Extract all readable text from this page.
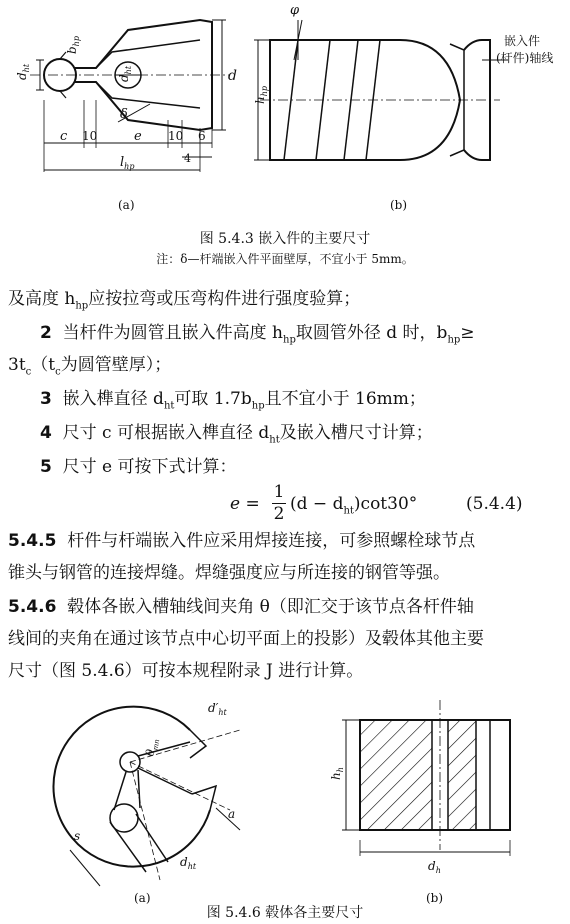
$d_{ht}$
$b_{hp}$
$d_{ht}$	d
δ
c 10	e 10 6
4
$l_{hp}$
(a)
φ
$h_{hp}$
嵌入件
(杆件)轴线
(b)
图 5.4.3 嵌入件的主要尺寸
注：δ—杆端嵌入件平面壁厚，不宜小于 5mm。
及高度 $h_{hp}$应按拉弯或压弯构件进行强度验算；
2 当杆件为圆管且嵌入件高度 $h_{hp}$取圆管外径 d 时，$b_{hp}\ge$
$3t_c(t_c$为圆管壁厚）；
3 嵌入榫直径 $d_{ht}$可取 $1.7b_{hp}$且不宜小于 16mm；
4 尺寸 c 可根据嵌入榫直径 $d_{ht}$及嵌入槽尺寸计算；
5 尺寸 e 可按下式计算：
e =
1
2 $(d - d_{ht})\cot 30^\circ$	(5.4.4)
5.4.5 杆件与杆端嵌入件应采用焊接连接，可参照螺栓球节点
锥头与钢管的连接焊缝。焊缝强度应与所连接的钢管等强。
5.4.6 毂体各嵌入槽轴线间夹角 θ（即汇交于该节点各杆件轴
线间的夹角在通过该节点中心切平面上的投影）及毂体其他主要
尺寸（图 5.4.6）可按本规程附录 J 进行计算。
$d'_{ht}$
$\theta_{mn}$
a
s
$d_{ht}$
(a)
$h_h$
$d_h$
(b)
图 5.4.6 毂体各主要尺寸
